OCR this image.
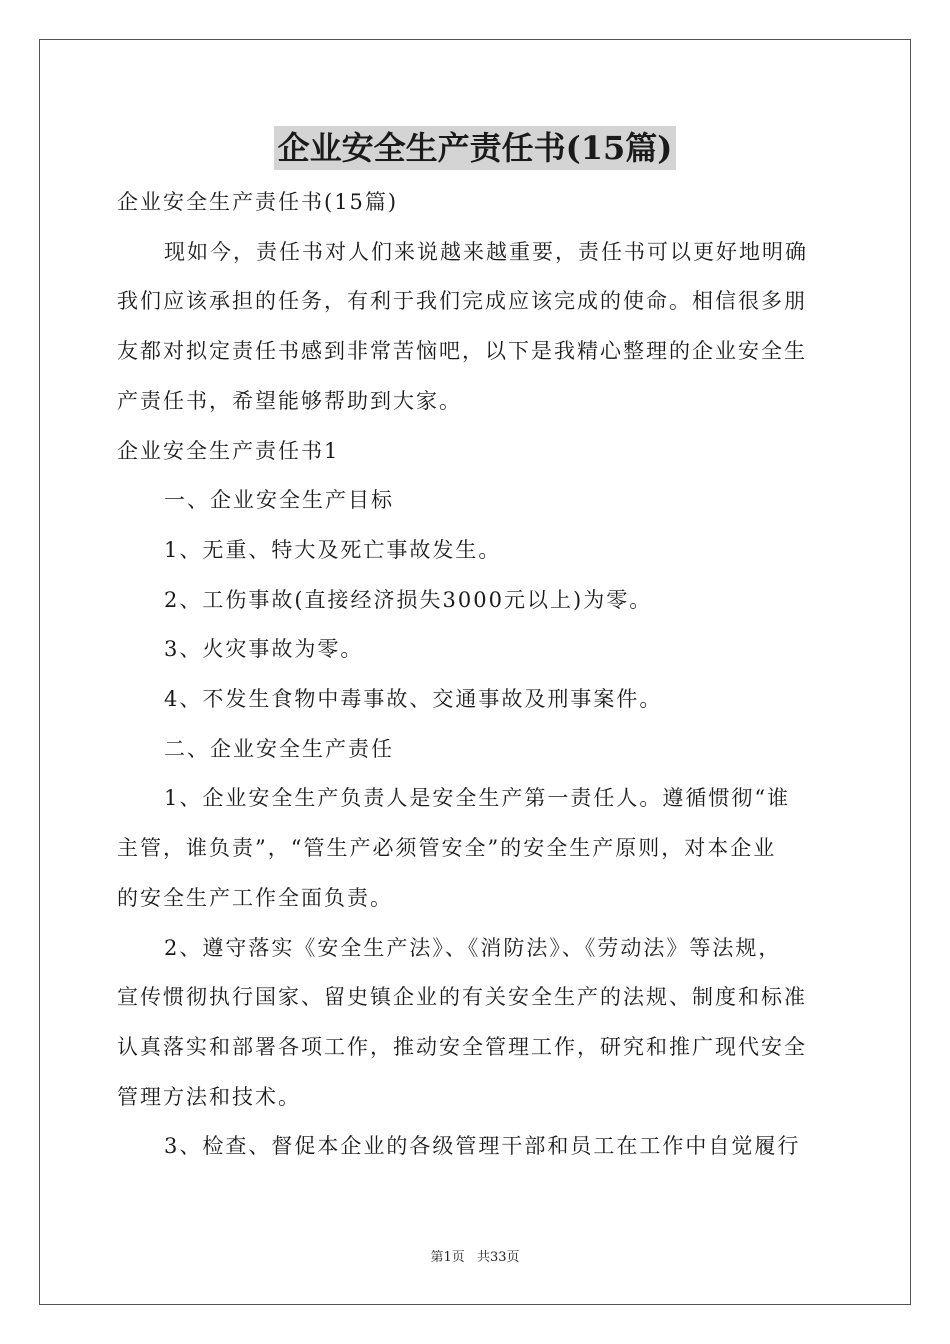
企业安全生产责任书(15篇)

企业安全生产责任书(15篇)

现如今，责任书对人们来说越来越重要，责任书可以更好地明确

我们应该承担的任务，有利于我们完成应该完成的使命。相信很多朋

友都对拟定责任书感到非常苦恼吧，以下是我精心整理的企业安全生

产责任书，希望能够帮助到大家。

企业安全生产责任书1

一、企业安全生产目标

1、无重、特大及死亡事故发生。

2、工伤事故(直接经济损失3000元以上)为零。

3、火灾事故为零。

4、不发生食物中毒事故、交通事故及刑事案件。

二、企业安全生产责任

1、企业安全生产负责人是安全生产第一责任人。遵循惯彻“谁

主管，谁负责”，“管生产必须管安全”的安全生产原则，对本企业

的安全生产工作全面负责。

2、遵守落实《安全生产法》、《消防法》、《劳动法》等法规，

宣传惯彻执行国家、留史镇企业的有关安全生产的法规、制度和标准

认真落实和部署各项工作，推动安全管理工作，研究和推广现代安全

管理方法和技术。

3、检查、督促本企业的各级管理干部和员工在工作中自觉履行

第1页 共33页
